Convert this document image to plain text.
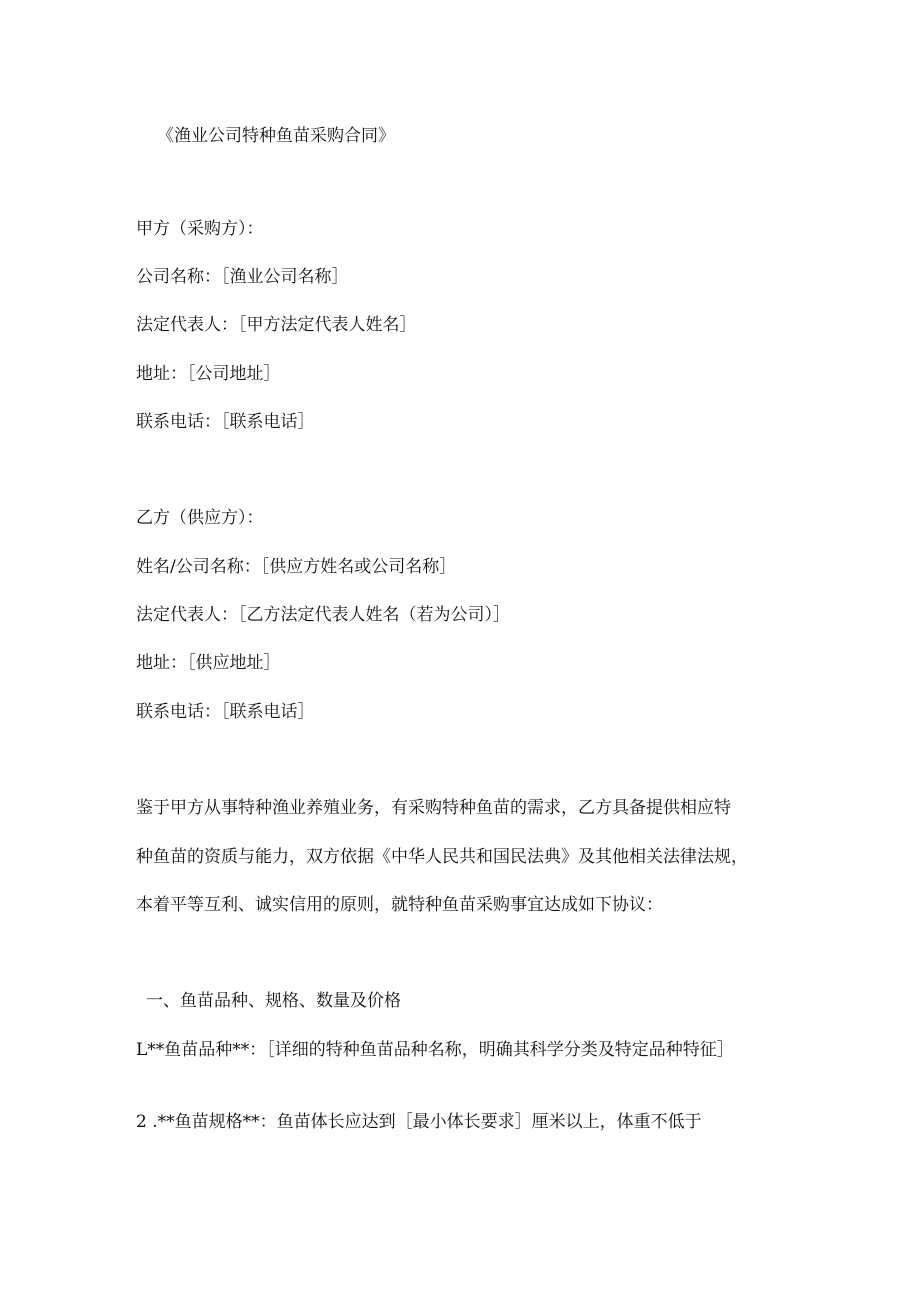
《渔业公司特种鱼苗采购合同》
甲方（采购方）：
公司名称：［渔业公司名称］
法定代表人：［甲方法定代表人姓名］
地址：［公司地址］
联系电话：［联系电话］
乙方（供应方）：
姓名/公司名称：［供应方姓名或公司名称］
法定代表人：［乙方法定代表人姓名（若为公司）］
地址：［供应地址］
联系电话：［联系电话］
鉴于甲方从事特种渔业养殖业务，有采购特种鱼苗的需求，乙方具备提供相应特
种鱼苗的资质与能力，双方依据《中华人民共和国民法典》及其他相关法律法规，
本着平等互利、诚实信用的原则，就特种鱼苗采购事宜达成如下协议：
一、鱼苗品种、规格、数量及价格
L**鱼苗品种**：［详细的特种鱼苗品种名称，明确其科学分类及特定品种特征］
2 .**鱼苗规格**：鱼苗体长应达到［最小体长要求］厘米以上，体重不低于
